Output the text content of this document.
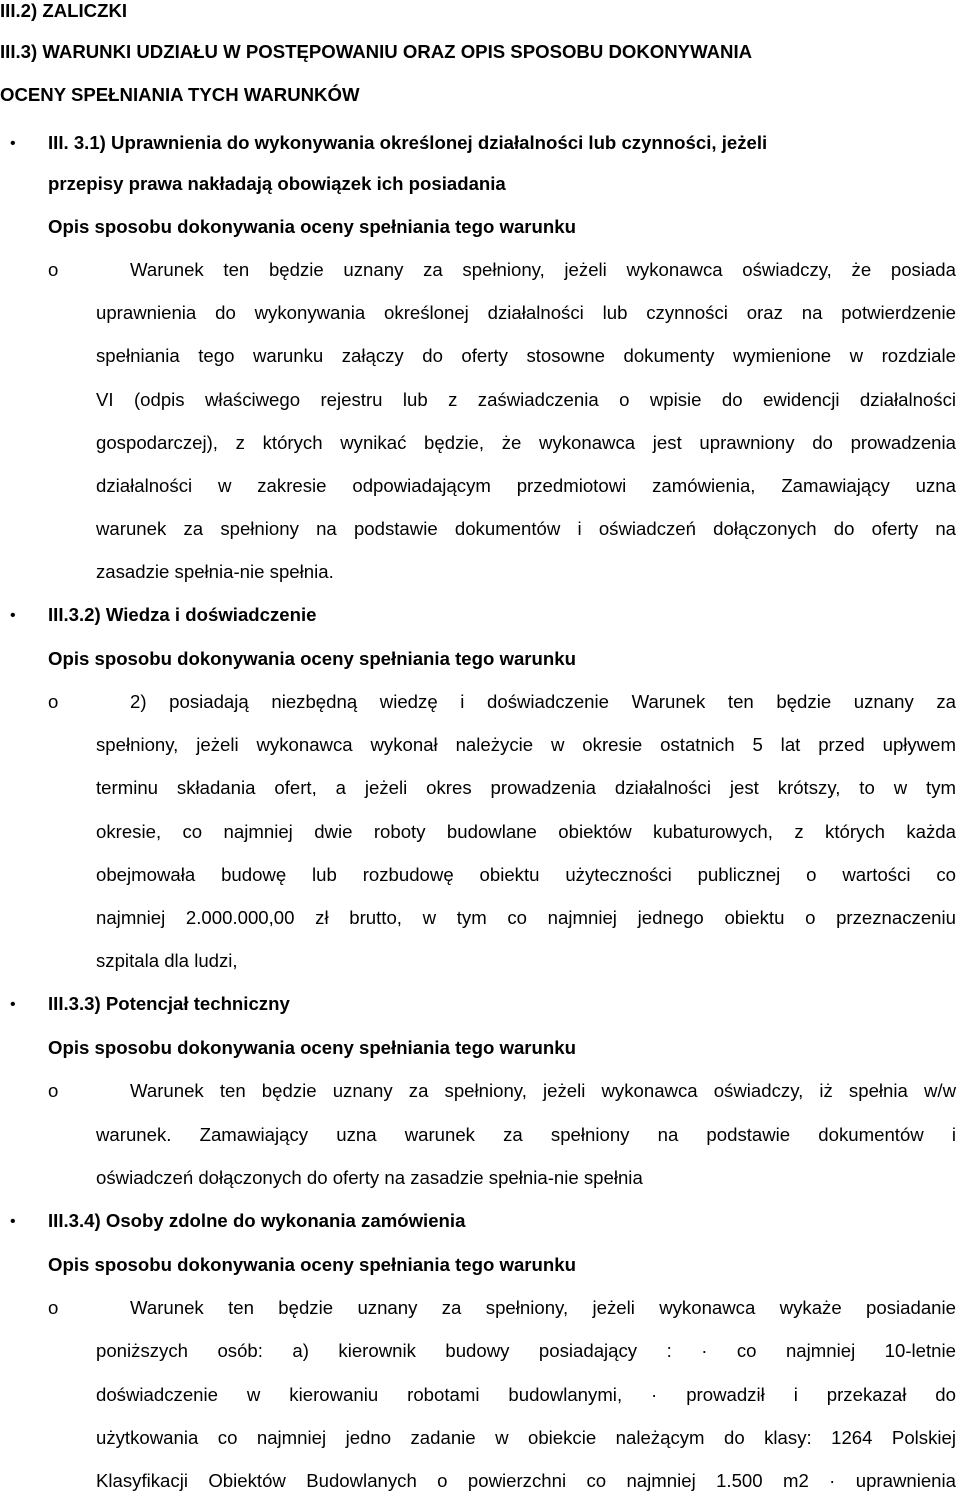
III.2) ZALICZKI
III.3) WARUNKI UDZIAŁU W POSTĘPOWANIU ORAZ OPIS SPOSOBU DOKONYWANIA
OCENY SPEŁNIANIA TYCH WARUNKÓW
• III. 3.1) Uprawnienia do wykonywania określonej działalności lub czynności, jeżeli
przepisy prawa nakładają obowiązek ich posiadania
Opis sposobu dokonywania oceny spełniania tego warunku
o	Warunek ten będzie uznany za spełniony, jeżeli wykonawca oświadczy, że posiada
uprawnienia do wykonywania określonej działalności lub czynności oraz na potwierdzenie
spełniania tego warunku załączy do oferty stosowne dokumenty wymienione w rozdziale
VI (odpis właściwego rejestru lub z zaświadczenia o wpisie do ewidencji działalności
gospodarczej), z których wynikać będzie, że wykonawca jest uprawniony do prowadzenia
działalności w zakresie odpowiadającym przedmiotowi zamówienia, Zamawiający uzna
warunek za spełniony na podstawie dokumentów i oświadczeń dołączonych do oferty na
zasadzie spełnia-nie spełnia.
• III.3.2) Wiedza i doświadczenie
Opis sposobu dokonywania oceny spełniania tego warunku
o	2) posiadają niezbędną wiedzę i doświadczenie Warunek ten będzie uznany za
spełniony, jeżeli wykonawca wykonał należycie w okresie ostatnich 5 lat przed upływem
terminu składania ofert, a jeżeli okres prowadzenia działalności jest krótszy, to w tym
okresie, co najmniej dwie roboty budowlane obiektów kubaturowych, z których każda
obejmowała budowę lub rozbudowę obiektu użyteczności publicznej o wartości co
najmniej 2.000.000,00 zł brutto, w tym co najmniej jednego obiektu o przeznaczeniu
szpitala dla ludzi,
• III.3.3) Potencjał techniczny
Opis sposobu dokonywania oceny spełniania tego warunku
o	Warunek ten będzie uznany za spełniony, jeżeli wykonawca oświadczy, iż spełnia w/w
warunek. Zamawiający uzna warunek za spełniony na podstawie dokumentów i
oświadczeń dołączonych do oferty na zasadzie spełnia-nie spełnia
• III.3.4) Osoby zdolne do wykonania zamówienia
Opis sposobu dokonywania oceny spełniania tego warunku
o	Warunek ten będzie uznany za spełniony, jeżeli wykonawca wykaże posiadanie
poniższych osób: a) kierownik budowy posiadający : · co najmniej 10-letnie
doświadczenie w kierowaniu robotami budowlanymi, · prowadził i przekazał do
użytkowania co najmniej jedno zadanie w obiekcie należącym do klasy: 1264 Polskiej
Klasyfikacji Obiektów Budowlanych o powierzchni co najmniej 1.500 m2 · uprawnienia
